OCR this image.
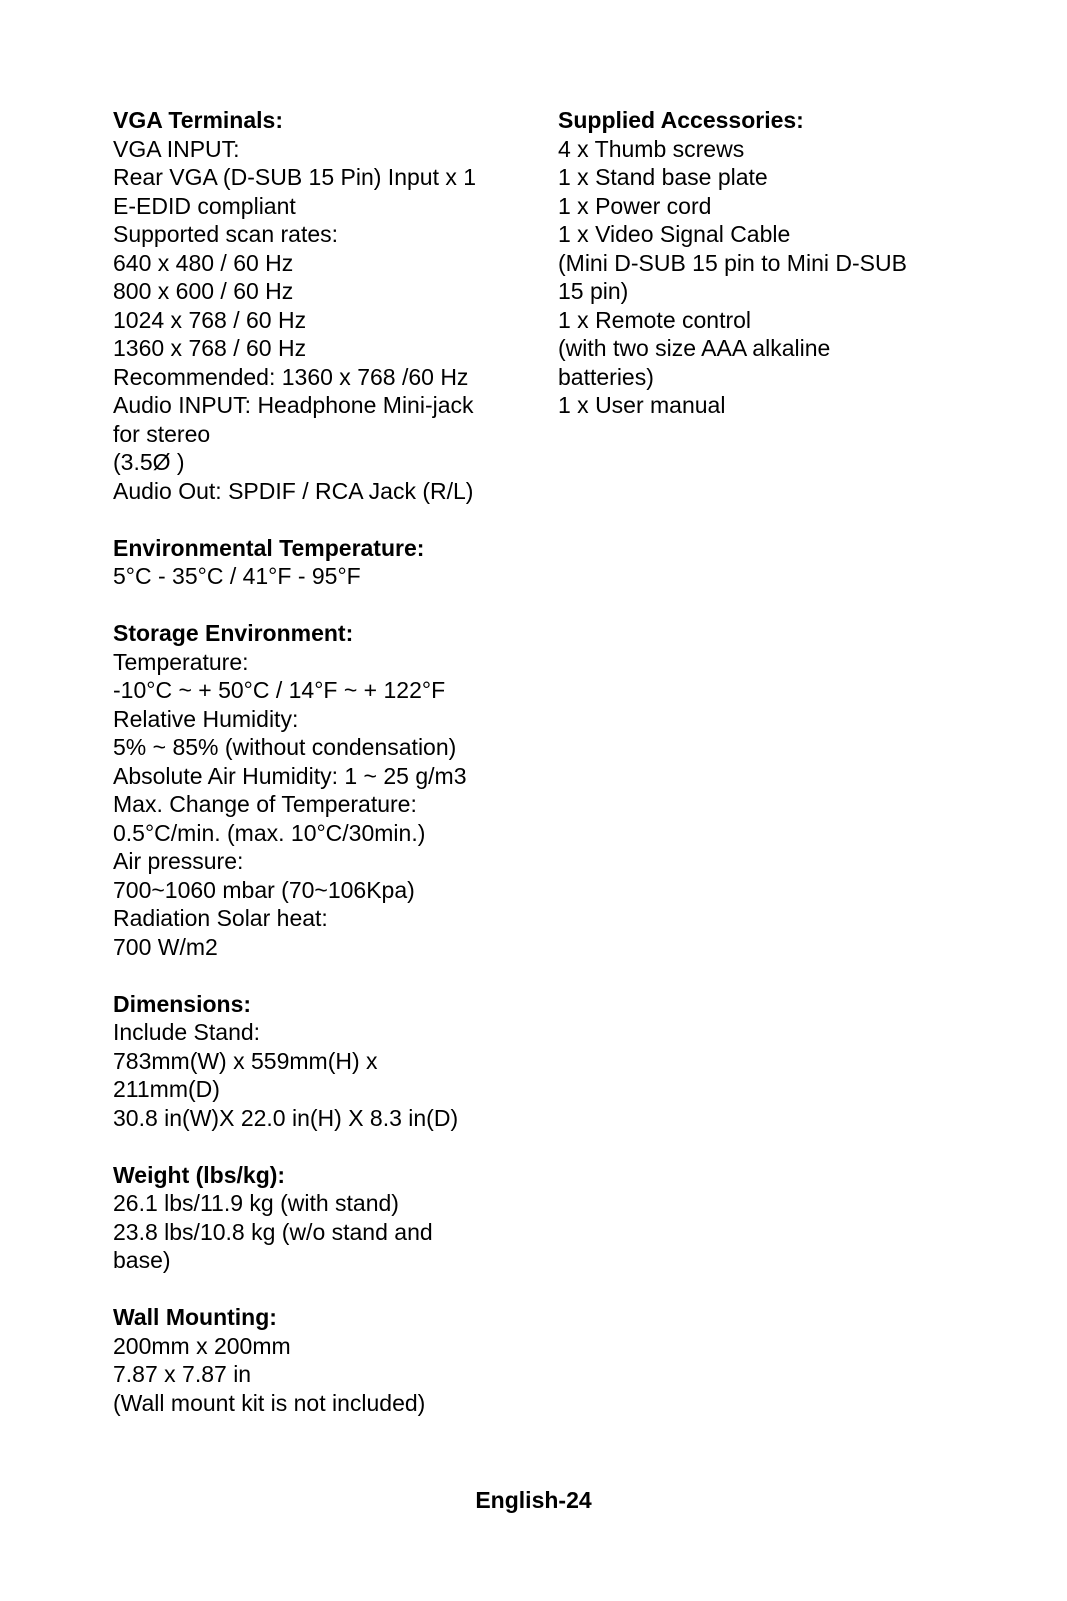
VGA Terminals:
VGA INPUT:
Rear VGA (D-SUB 15 Pin) Input x 1
E-EDID compliant
Supported scan rates:
640 x 480 / 60 Hz
800 x 600 / 60 Hz
1024 x 768 / 60 Hz
1360 x 768 / 60 Hz
Recommended: 1360 x 768 /60 Hz
Audio INPUT: Headphone Mini-jack
for stereo
(3.5Ø )
Audio Out: SPDIF / RCA Jack (R/L)
Environmental Temperature:
5°C - 35°C / 41°F - 95°F
Storage Environment:
Temperature:
-10°C ~ + 50°C / 14°F ~ + 122°F
Relative Humidity:
5% ~ 85% (without condensation)
Absolute Air Humidity: 1 ~ 25 g/m3
Max. Change of Temperature:
0.5°C/min. (max. 10°C/30min.)
Air pressure:
700~1060 mbar (70~106Kpa)
Radiation Solar heat:
700 W/m2
Dimensions:
Include Stand:
783mm(W) x 559mm(H) x
211mm(D)
30.8 in(W)X 22.0 in(H) X 8.3 in(D)
Weight (lbs/kg):
26.1 lbs/11.9 kg (with stand)
23.8 lbs/10.8 kg (w/o stand and
base)
Wall Mounting:
200mm x 200mm
7.87 x 7.87 in
(Wall mount kit is not included)
Supplied Accessories:
4 x Thumb screws
1 x Stand base plate
1 x Power cord
1 x Video Signal Cable
(Mini D-SUB 15 pin to Mini D-SUB
15 pin)
1 x Remote control
(with two size AAA alkaline
batteries)
1 x User manual
English-24
